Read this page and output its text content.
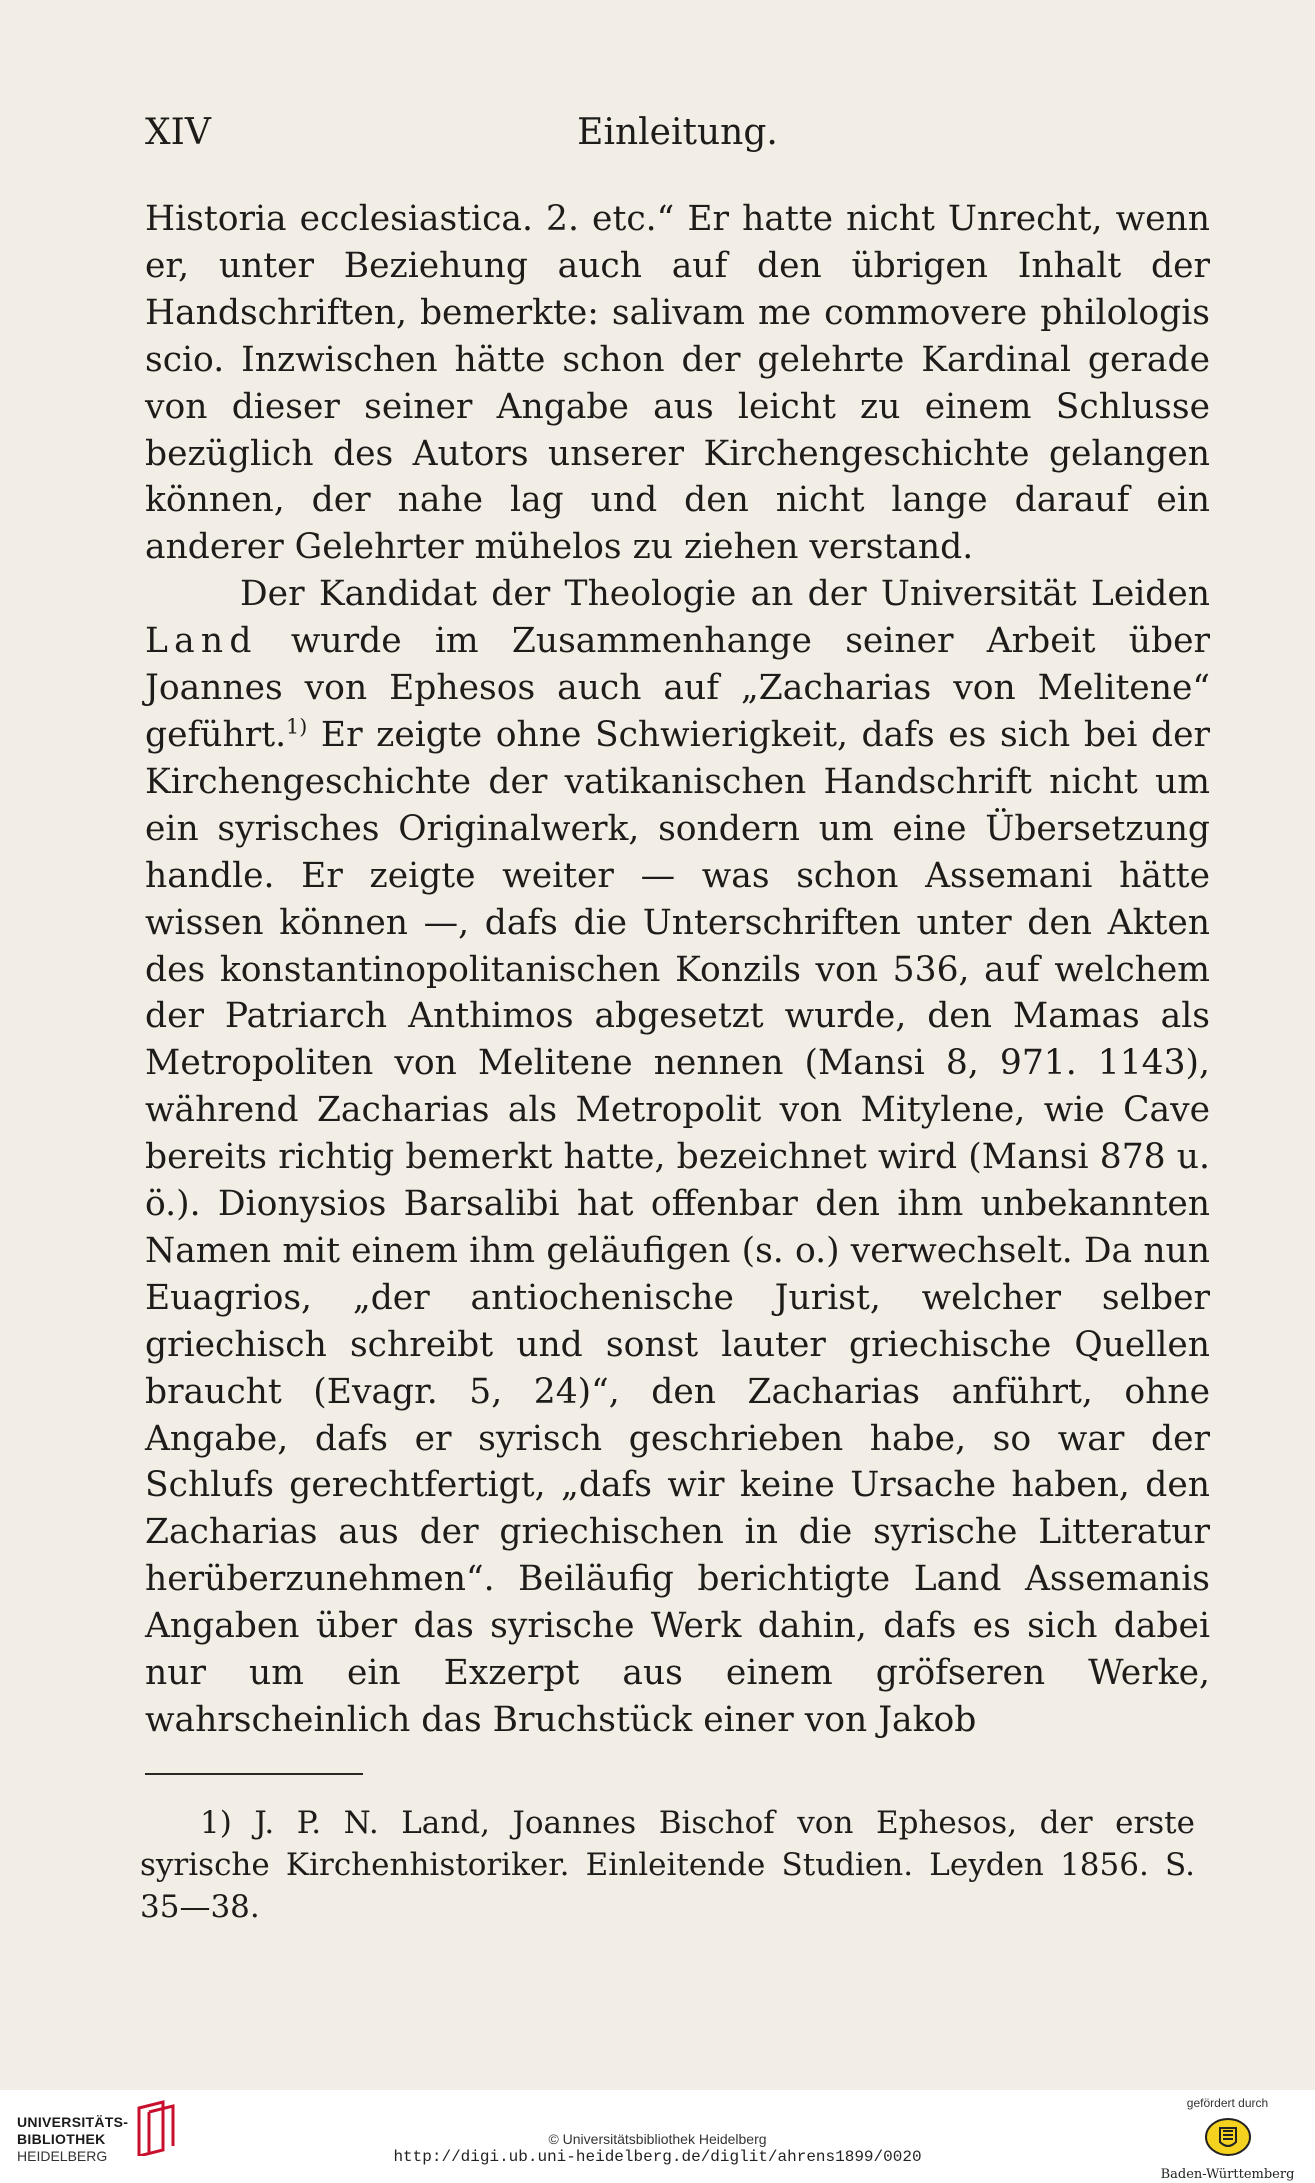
XIV	Einleitung.

Historia ecclesiastica. 2. etc.“ Er hatte nicht Unrecht, wenn er, unter Beziehung auch auf den übrigen Inhalt der Handschriften, bemerkte: salivam me commovere philologis scio. Inzwischen hätte schon der gelehrte Kardinal gerade von dieser seiner Angabe aus leicht zu einem Schlusse bezüglich des Autors unserer Kirchengeschichte gelangen können, der nahe lag und den nicht lange darauf ein anderer Gelehrter mühelos zu ziehen verstand.

Der Kandidat der Theologie an der Universität Leiden Land wurde im Zusammenhange seiner Arbeit über Joannes von Ephesos auch auf „Zacharias von Melitene“ geführt.$^{1)}$ Er zeigte ohne Schwierigkeit, dafs es sich bei der Kirchengeschichte der vatikanischen Handschrift nicht um ein syrisches Originalwerk, sondern um eine Übersetzung handle. Er zeigte weiter — was schon Assemani hätte wissen können —, dafs die Unterschriften unter den Akten des konstantinopolitanischen Konzils von 536, auf welchem der Patriarch Anthimos abgesetzt wurde, den Mamas als Metropoliten von Melitene nennen (Mansi 8, 971. 1143), während Zacharias als Metropolit von Mitylene, wie Cave bereits richtig bemerkt hatte, bezeichnet wird (Mansi 878 u. ö.). Dionysios Barsalibi hat offenbar den ihm unbekannten Namen mit einem ihm geläufigen (s. o.) verwechselt. Da nun Euagrios, „der antiochenische Jurist, welcher selber griechisch schreibt und sonst lauter griechische Quellen braucht (Evagr. 5, 24)“, den Zacharias anführt, ohne Angabe, dafs er syrisch geschrieben habe, so war der Schlufs gerechtfertigt, „dafs wir keine Ursache haben, den Zacharias aus der griechischen in die syrische Litteratur herüberzunehmen“. Beiläufig berichtigte Land Assemanis Angaben über das syrische Werk dahin, dafs es sich dabei nur um ein Exzerpt aus einem gröfseren Werke, wahrscheinlich das Bruchstück einer von Jakob

1) J. P. N. Land, Joannes Bischof von Ephesos, der erste syrische Kirchenhistoriker. Einleitende Studien. Leyden 1856. S. 35—38.

UNIVERSITÄTS-
BIBLIOTHEK
HEIDELBERG
© Universitätsbibliothek Heidelberg
http://digi.ub.uni-heidelberg.de/diglit/ahrens1899/0020
gefördert durch
Baden-Württemberg
